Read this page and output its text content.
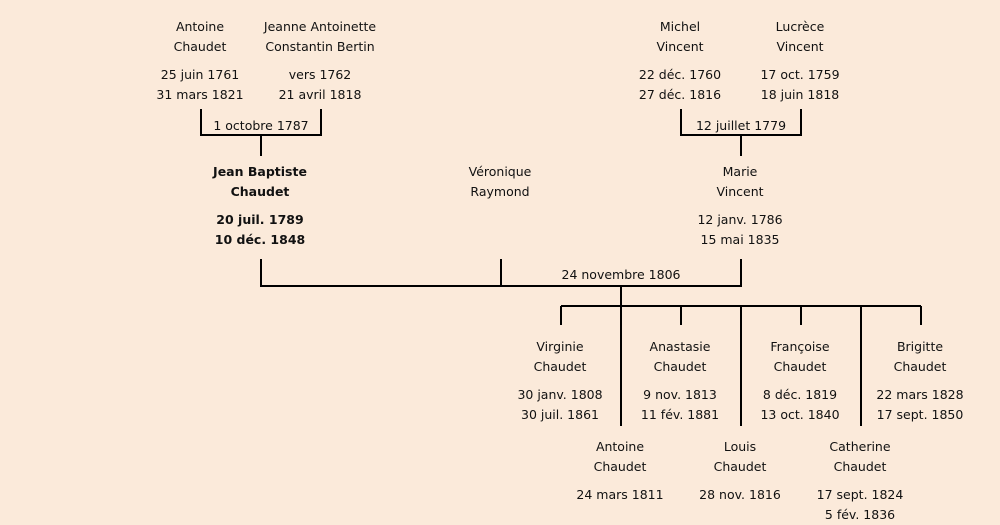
Antoine
Chaudet
25 juin 1761
31 mars 1821
Jeanne Antoinette
Constantin Bertin
vers 1762
21 avril 1818
Michel
Vincent
22 déc. 1760
27 déc. 1816
Lucrèce
Vincent
17 oct. 1759
18 juin 1818
1 octobre 1787	12 juillet 1779
Jean Baptiste
Chaudet
20 juil. 1789
10 déc. 1848
Véronique
Raymond
Marie
Vincent
12 janv. 1786
15 mai 1835
24 novembre 1806
Virginie
Chaudet
30 janv. 1808
30 juil. 1861
Anastasie
Chaudet
9 nov. 1813
11 fév. 1881
Françoise
Chaudet
8 déc. 1819
13 oct. 1840
Brigitte
Chaudet
22 mars 1828
17 sept. 1850
Antoine
Chaudet
24 mars 1811
Louis
Chaudet
28 nov. 1816
Catherine
Chaudet
17 sept. 1824
5 fév. 1836
